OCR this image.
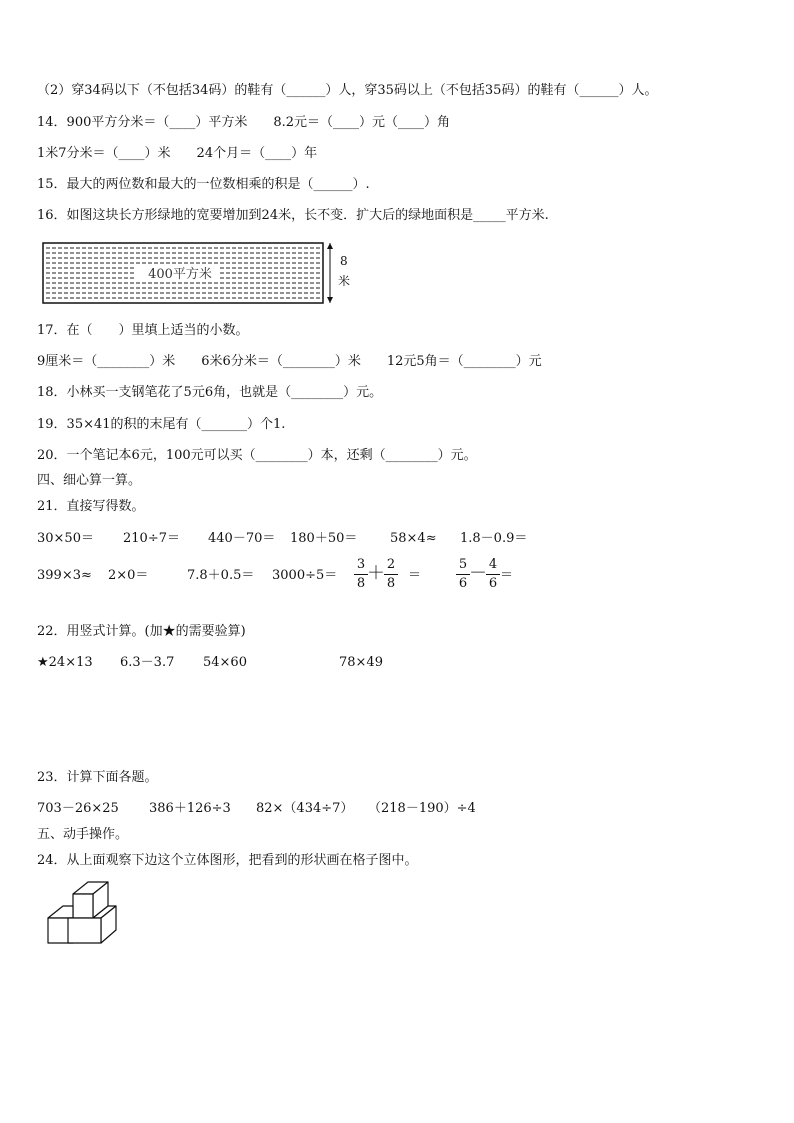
（2）穿34码以下（不包括34码）的鞋有（______）人，穿35码以上（不包括35码）的鞋有（______）人。
14．900平方分米＝（____）平方米　　8.2元＝（____）元（____）角
1米7分米＝（____）米　　24个月＝（____）年
15．最大的两位数和最大的一位数相乘的积是（______）.
16．如图这块长方形绿地的宽要增加到24米，长不变．扩大后的绿地面积是_____平方米.
400平方米
8
米
17．在（　　）里填上适当的小数。
9厘米＝（________）米　　6米6分米＝（________）米　　12元5角＝（________）元
18．小林买一支钢笔花了5元6角，也就是（________）元。
19．35×41的积的末尾有（_______）个1.
20．一个笔记本6元，100元可以买（________）本，还剩（________）元。
四、细心算一算。
21．直接写得数。
30×50＝ 210÷7＝ 440－70＝ 180＋50＝	58×4≈ 1.8－0.9＝
399×3≈ 2×0＝	7.8＋0.5＝ 3000÷5＝
3
8 ＋ 2
8
＝
5
6 － 4
6
＝
22．用竖式计算。(加★的需要验算)
★24×13 6.3－3.7 54×60	78×49
23．计算下面各题。
703－26×25 386＋126÷3 82×（434÷7） （218－190）÷4
五、动手操作。
24．从上面观察下边这个立体图形，把看到的形状画在格子图中。
